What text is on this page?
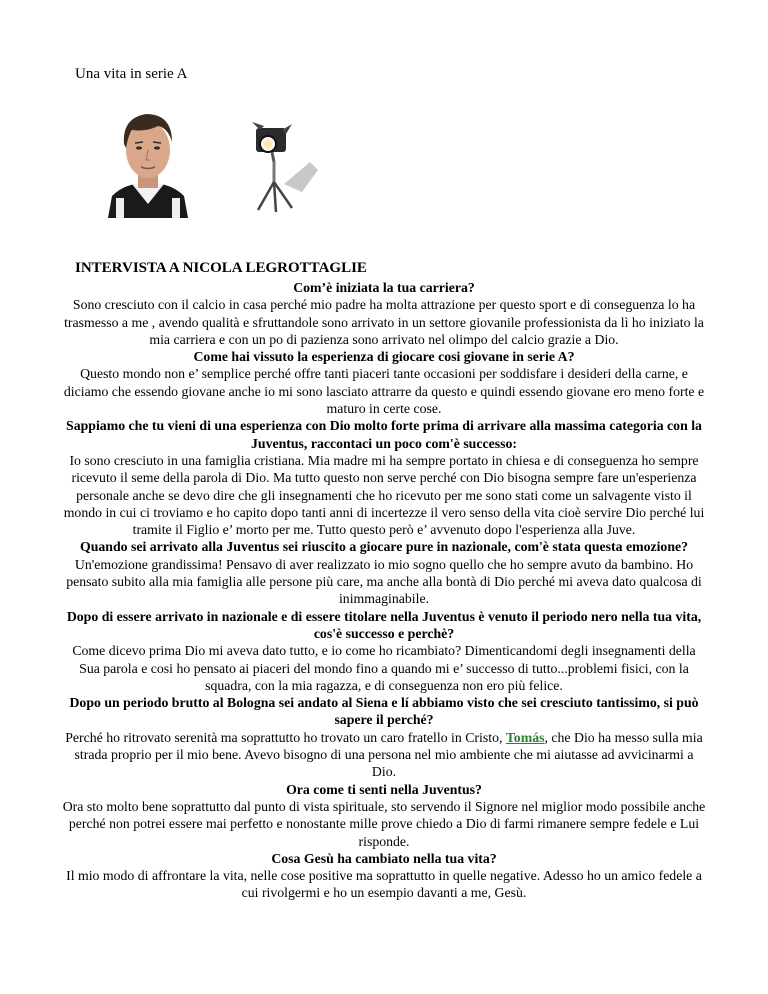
Una vita in serie A
INTERVISTA A NICOLA LEGROTTAGLIE

Com’è iniziata la tua carriera?

Sono cresciuto con il calcio in casa perché mio padre ha molta attrazione per questo sport e di conseguenza lo ha trasmesso a me , avendo qualità e sfruttandole sono arrivato in un settore giovanile professionista da lì ho iniziato la mia carriera e con un po di pazienza sono arrivato nel olimpo del calcio grazie a Dio.

Come hai vissuto la esperienza di giocare cosi giovane in serie A?

Questo mondo non e’ semplice perché offre tanti piaceri tante occasioni per soddisfare i desideri della carne, e diciamo che essendo giovane anche io mi sono lasciato attrarre da questo e quindi essendo giovane ero meno forte e maturo in certe cose.

Sappiamo che tu vieni di una esperienza con Dio molto forte prima di arrivare alla massima categoria con la Juventus, raccontaci un poco com'è successo:

Io sono cresciuto in una famiglia cristiana. Mia madre mi ha sempre portato in chiesa e di conseguenza ho sempre ricevuto il seme della parola di Dio. Ma tutto questo non serve perché con Dio bisogna sempre fare un'esperienza personale anche se devo dire che gli insegnamenti che ho ricevuto per me sono stati come un salvagente visto il mondo in cui ci troviamo e ho capito dopo tanti anni di incertezze il vero senso della vita cioè servire Dio perché lui tramite il Figlio e’ morto per me. Tutto questo però e’ avvenuto dopo l'esperienza alla Juve.

Quando sei arrivato alla Juventus sei riuscito a giocare pure in nazionale, com'è stata questa emozione?

Un'emozione grandissima! Pensavo di aver realizzato io mio sogno quello che ho sempre avuto da bambino. Ho pensato subito alla mia famiglia alle persone più care, ma anche alla bontà di Dio perché mi aveva dato qualcosa di inimmaginabile.

Dopo di essere arrivato in nazionale e di essere titolare nella Juventus è venuto il periodo nero nella tua vita, cos'è successo e perchè?

Come dicevo prima Dio mi aveva dato tutto, e io come ho ricambiato? Dimenticandomi degli insegnamenti della Sua parola e cosi ho pensato ai piaceri del mondo fino a quando mi e’ successo di tutto...problemi fisici, con la squadra, con la mia ragazza, e di conseguenza non ero più felice.

Dopo un periodo brutto al Bologna sei andato al Siena e lí abbiamo visto che sei cresciuto tantissimo, si può sapere il perché?

Perché ho ritrovato serenità ma soprattutto ho trovato un caro fratello in Cristo, Tomás, che Dio ha messo sulla mia strada proprio per il mio bene. Avevo bisogno di una persona nel mio ambiente che mi aiutasse ad avvicinarmi a Dio.

Ora come ti senti nella Juventus?

Ora sto molto bene soprattutto dal punto di vista spirituale, sto servendo il Signore nel miglior modo possibile anche perché non potrei essere mai perfetto e nonostante mille prove chiedo a Dio di farmi rimanere sempre fedele e Lui risponde.

Cosa Gesù ha cambiato nella tua vita?

Il mio modo di affrontare la vita, nelle cose positive ma soprattutto in quelle negative. Adesso ho un amico fedele a cui rivolgermi e ho un esempio davanti a me, Gesù.
